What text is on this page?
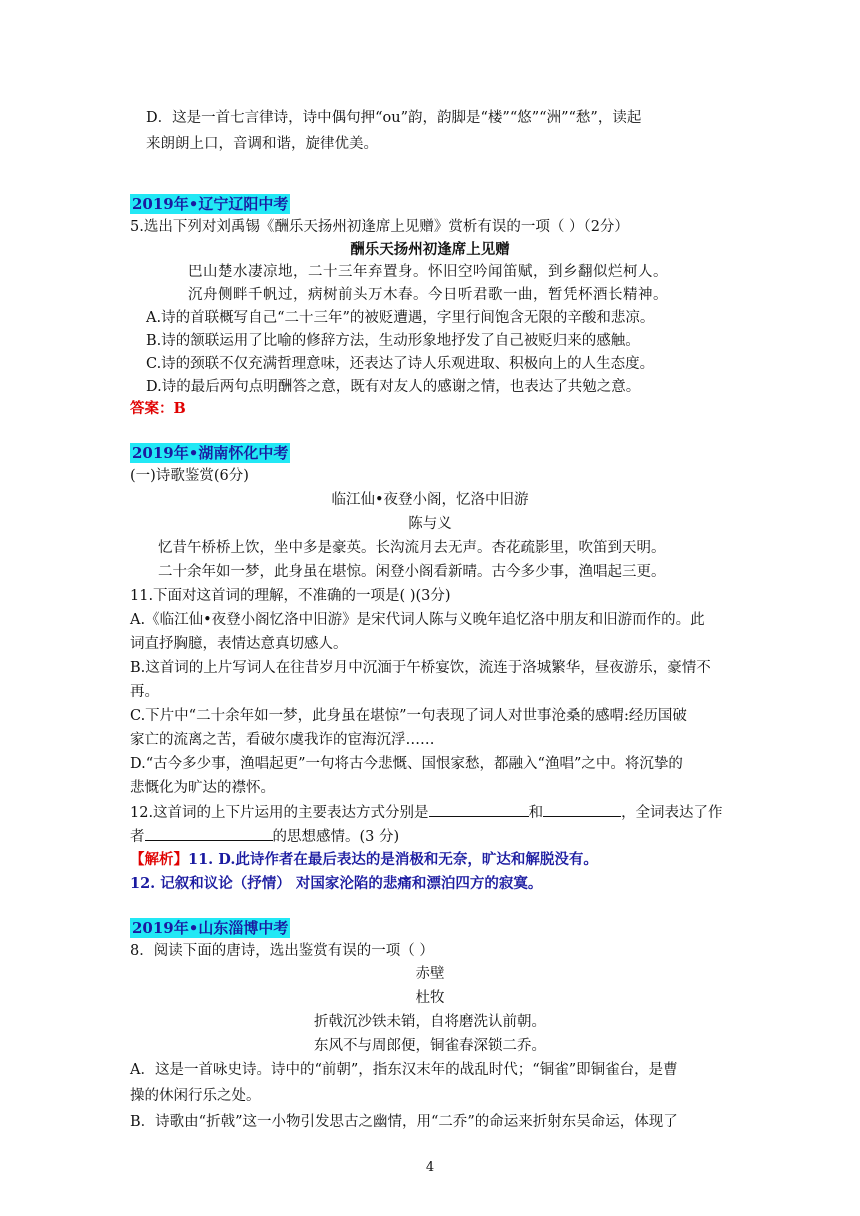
D．这是一首七言律诗，诗中偶句押“ou”韵，韵脚是“楼”“悠”“洲”“愁”，读起
来朗朗上口，音调和谐，旋律优美。
2019年•辽宁辽阳中考
5.选出下列对刘禹锡《酬乐天扬州初逢席上见赠》赏析有误的一项（ ）（2分）
酬乐天扬州初逢席上见赠
巴山楚水凄凉地，二十三年弃置身。怀旧空吟闻笛赋，到乡翻似烂柯人。
沉舟侧畔千帆过，病树前头万木春。今日听君歌一曲，暂凭杯酒长精神。
A.诗的首联概写自己“二十三年”的被贬遭遇，字里行间饱含无限的辛酸和悲凉。
B.诗的颔联运用了比喻的修辞方法，生动形象地抒发了自己被贬归来的感触。
C.诗的颈联不仅充满哲理意味，还表达了诗人乐观进取、积极向上的人生态度。
D.诗的最后两句点明酬答之意，既有对友人的感谢之情，也表达了共勉之意。
答案：B
2019年•湖南怀化中考
(一)诗歌鉴赏(6分)
临江仙•夜登小阁，忆洛中旧游
陈与义
忆昔午桥桥上饮，坐中多是豪英。长沟流月去无声。杏花疏影里，吹笛到天明。
二十余年如一梦，此身虽在堪惊。闲登小阁看新晴。古今多少事，渔唱起三更。
11.下面对这首词的理解，不准确的一项是( )(3分)
A.《临江仙•夜登小阁忆洛中旧游》是宋代词人陈与义晚年追忆洛中朋友和旧游而作的。此
词直抒胸臆，表情达意真切感人。
B.这首词的上片写词人在往昔岁月中沉湎于午桥宴饮，流连于洛城繁华，昼夜游乐，豪情不
再。
C.下片中“二十余年如一梦，此身虽在堪惊”一句表现了词人对世事沧桑的感喟:经历国破
家亡的流离之苦，看破尔虞我诈的宦海沉浮……
D.“古今多少事，渔唱起更”一句将古今悲慨、国恨家愁，都融入“渔唱”之中。将沉挚的
悲慨化为旷达的襟怀。
12.这首词的上下片运用的主要表达方式分别是	和	，全词表达了作
者	的思想感情。(3 分)
【解析】11. D.此诗作者在最后表达的是消极和无奈，旷达和解脱没有。
12. 记叙和议论（抒情） 对国家沦陷的悲痛和漂泊四方的寂寞。
2019年•山东淄博中考
8．阅读下面的唐诗，选出鉴赏有误的一项（ ）
赤壁
杜牧
折戟沉沙铁未销，自将磨洗认前朝。
东风不与周郎便，铜雀春深锁二乔。
A．这是一首咏史诗。诗中的“前朝”，指东汉末年的战乱时代；“铜雀”即铜雀台，是曹
操的休闲行乐之处。
B．诗歌由“折戟”这一小物引发思古之幽情，用“二乔”的命运来折射东吴命运，体现了
4
